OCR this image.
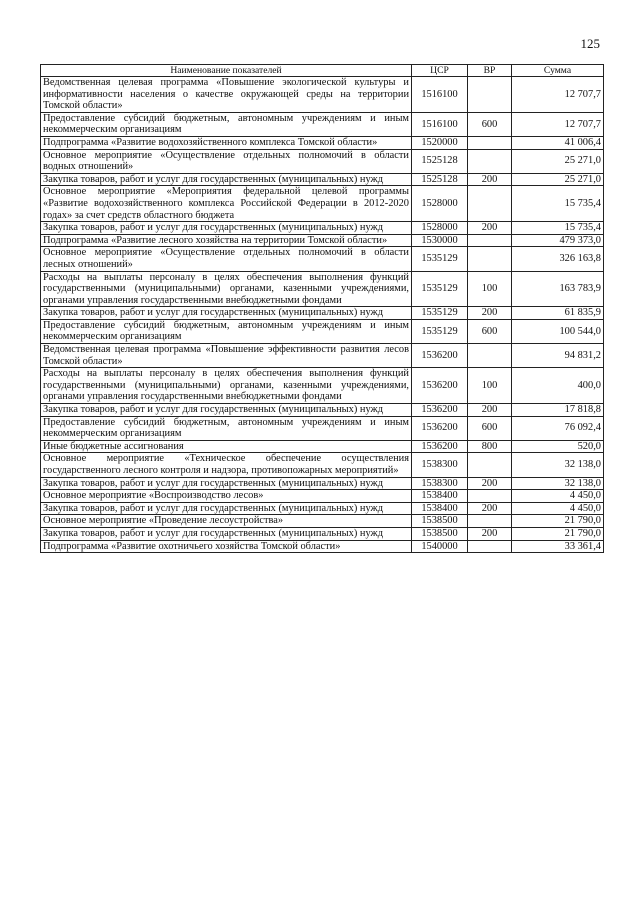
125
Наименование показателей	ЦСР	ВР	Сумма
Ведомственная целевая программа «Повышение экологической культуры и информативности населения о качестве окружающей среды на территории Томской области»	1516100		12 707,7
Предоставление субсидий бюджетным, автономным учреждениям и иным некоммерческим организациям	1516100	600	12 707,7
Подпрограмма «Развитие водохозяйственного комплекса Томской области»	1520000		41 006,4
Основное мероприятие «Осуществление отдельных полномочий в области водных отношений»	1525128		25 271,0
Закупка товаров, работ и услуг для государственных (муниципальных) нужд	1525128	200	25 271,0
Основное мероприятие «Мероприятия федеральной целевой программы «Развитие водохозяйственного комплекса Российской Федерации в 2012-2020 годах» за счет средств областного бюджета	1528000		15 735,4
Закупка товаров, работ и услуг для государственных (муниципальных) нужд	1528000	200	15 735,4
Подпрограмма «Развитие лесного хозяйства на территории Томской области»	1530000		479 373,0
Основное мероприятие «Осуществление отдельных полномочий в области лесных отношений»	1535129		326 163,8
Расходы на выплаты персоналу в целях обеспечения выполнения функций государственными (муниципальными) органами, казенными учреждениями, органами управления государственными внебюджетными фондами	1535129	100	163 783,9
Закупка товаров, работ и услуг для государственных (муниципальных) нужд	1535129	200	61 835,9
Предоставление субсидий бюджетным, автономным учреждениям и иным некоммерческим организациям	1535129	600	100 544,0
Ведомственная целевая программа «Повышение эффективности развития лесов Томской области»	1536200		94 831,2
Расходы на выплаты персоналу в целях обеспечения выполнения функций государственными (муниципальными) органами, казенными учреждениями, органами управления государственными внебюджетными фондами	1536200	100	400,0
Закупка товаров, работ и услуг для государственных (муниципальных) нужд	1536200	200	17 818,8
Предоставление субсидий бюджетным, автономным учреждениям и иным некоммерческим организациям	1536200	600	76 092,4
Иные бюджетные ассигнования	1536200	800	520,0
Основное мероприятие «Техническое обеспечение осуществления государственного лесного контроля и надзора, противопожарных мероприятий»	1538300		32 138,0
Закупка товаров, работ и услуг для государственных (муниципальных) нужд	1538300	200	32 138,0
Основное мероприятие «Воспроизводство лесов»	1538400		4 450,0
Закупка товаров, работ и услуг для государственных (муниципальных) нужд	1538400	200	4 450,0
Основное мероприятие «Проведение лесоустройства»	1538500		21 790,0
Закупка товаров, работ и услуг для государственных (муниципальных) нужд	1538500	200	21 790,0
Подпрограмма «Развитие охотничьего хозяйства Томской области»	1540000		33 361,4
